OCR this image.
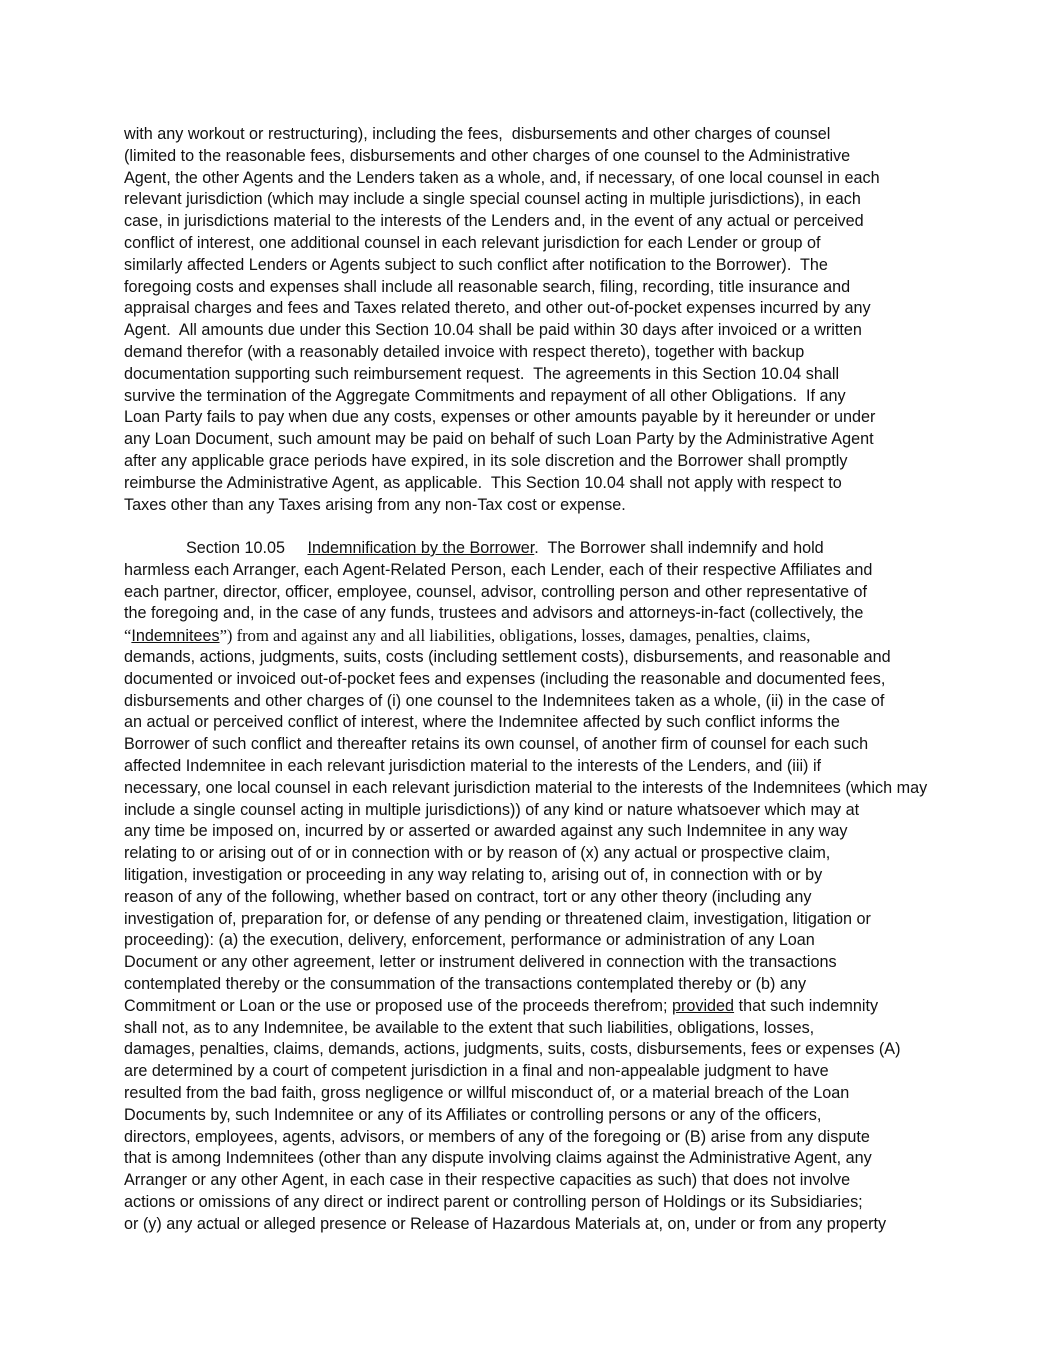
with any workout or restructuring), including the fees,  disbursements and other charges of counsel
(limited to the reasonable fees, disbursements and other charges of one counsel to the Administrative
Agent, the other Agents and the Lenders taken as a whole, and, if necessary, of one local counsel in each
relevant jurisdiction (which may include a single special counsel acting in multiple jurisdictions), in each
case, in jurisdictions material to the interests of the Lenders and, in the event of any actual or perceived
conflict of interest, one additional counsel in each relevant jurisdiction for each Lender or group of
similarly affected Lenders or Agents subject to such conflict after notification to the Borrower).  The
foregoing costs and expenses shall include all reasonable search, filing, recording, title insurance and
appraisal charges and fees and Taxes related thereto, and other out-of-pocket expenses incurred by any
Agent.  All amounts due under this Section 10.04 shall be paid within 30 days after invoiced or a written
demand therefor (with a reasonably detailed invoice with respect thereto), together with backup
documentation supporting such reimbursement request.  The agreements in this Section 10.04 shall
survive the termination of the Aggregate Commitments and repayment of all other Obligations.  If any
Loan Party fails to pay when due any costs, expenses or other amounts payable by it hereunder or under
any Loan Document, such amount may be paid on behalf of such Loan Party by the Administrative Agent
after any applicable grace periods have expired, in its sole discretion and the Borrower shall promptly
reimburse the Administrative Agent, as applicable.  This Section 10.04 shall not apply with respect to
Taxes other than any Taxes arising from any non-Tax cost or expense.
Section 10.05 Indemnification by the Borrower.  The Borrower shall indemnify and hold
harmless each Arranger, each Agent-Related Person, each Lender, each of their respective Affiliates and
each partner, director, officer, employee, counsel, advisor, controlling person and other representative of
the foregoing and, in the case of any funds, trustees and advisors and attorneys-in-fact (collectively, the
“Indemnitees”) from and against any and all liabilities, obligations, losses, damages, penalties, claims,
demands, actions, judgments, suits, costs (including settlement costs), disbursements, and reasonable and
documented or invoiced out-of-pocket fees and expenses (including the reasonable and documented fees,
disbursements and other charges of (i) one counsel to the Indemnitees taken as a whole, (ii) in the case of
an actual or perceived conflict of interest, where the Indemnitee affected by such conflict informs the
Borrower of such conflict and thereafter retains its own counsel, of another firm of counsel for each such
affected Indemnitee in each relevant jurisdiction material to the interests of the Lenders, and (iii) if
necessary, one local counsel in each relevant jurisdiction material to the interests of the Indemnitees (which may
include a single counsel acting in multiple jurisdictions)) of any kind or nature whatsoever which may at
any time be imposed on, incurred by or asserted or awarded against any such Indemnitee in any way
relating to or arising out of or in connection with or by reason of (x) any actual or prospective claim,
litigation, investigation or proceeding in any way relating to, arising out of, in connection with or by
reason of any of the following, whether based on contract, tort or any other theory (including any
investigation of, preparation for, or defense of any pending or threatened claim, investigation, litigation or
proceeding): (a) the execution, delivery, enforcement, performance or administration of any Loan
Document or any other agreement, letter or instrument delivered in connection with the transactions
contemplated thereby or the consummation of the transactions contemplated thereby or (b) any
Commitment or Loan or the use or proposed use of the proceeds therefrom; provided that such indemnity
shall not, as to any Indemnitee, be available to the extent that such liabilities, obligations, losses,
damages, penalties, claims, demands, actions, judgments, suits, costs, disbursements, fees or expenses (A)
are determined by a court of competent jurisdiction in a final and non-appealable judgment to have
resulted from the bad faith, gross negligence or willful misconduct of, or a material breach of the Loan
Documents by, such Indemnitee or any of its Affiliates or controlling persons or any of the officers,
directors, employees, agents, advisors, or members of any of the foregoing or (B) arise from any dispute
that is among Indemnitees (other than any dispute involving claims against the Administrative Agent, any
Arranger or any other Agent, in each case in their respective capacities as such) that does not involve
actions or omissions of any direct or indirect parent or controlling person of Holdings or its Subsidiaries;
or (y) any actual or alleged presence or Release of Hazardous Materials at, on, under or from any property
